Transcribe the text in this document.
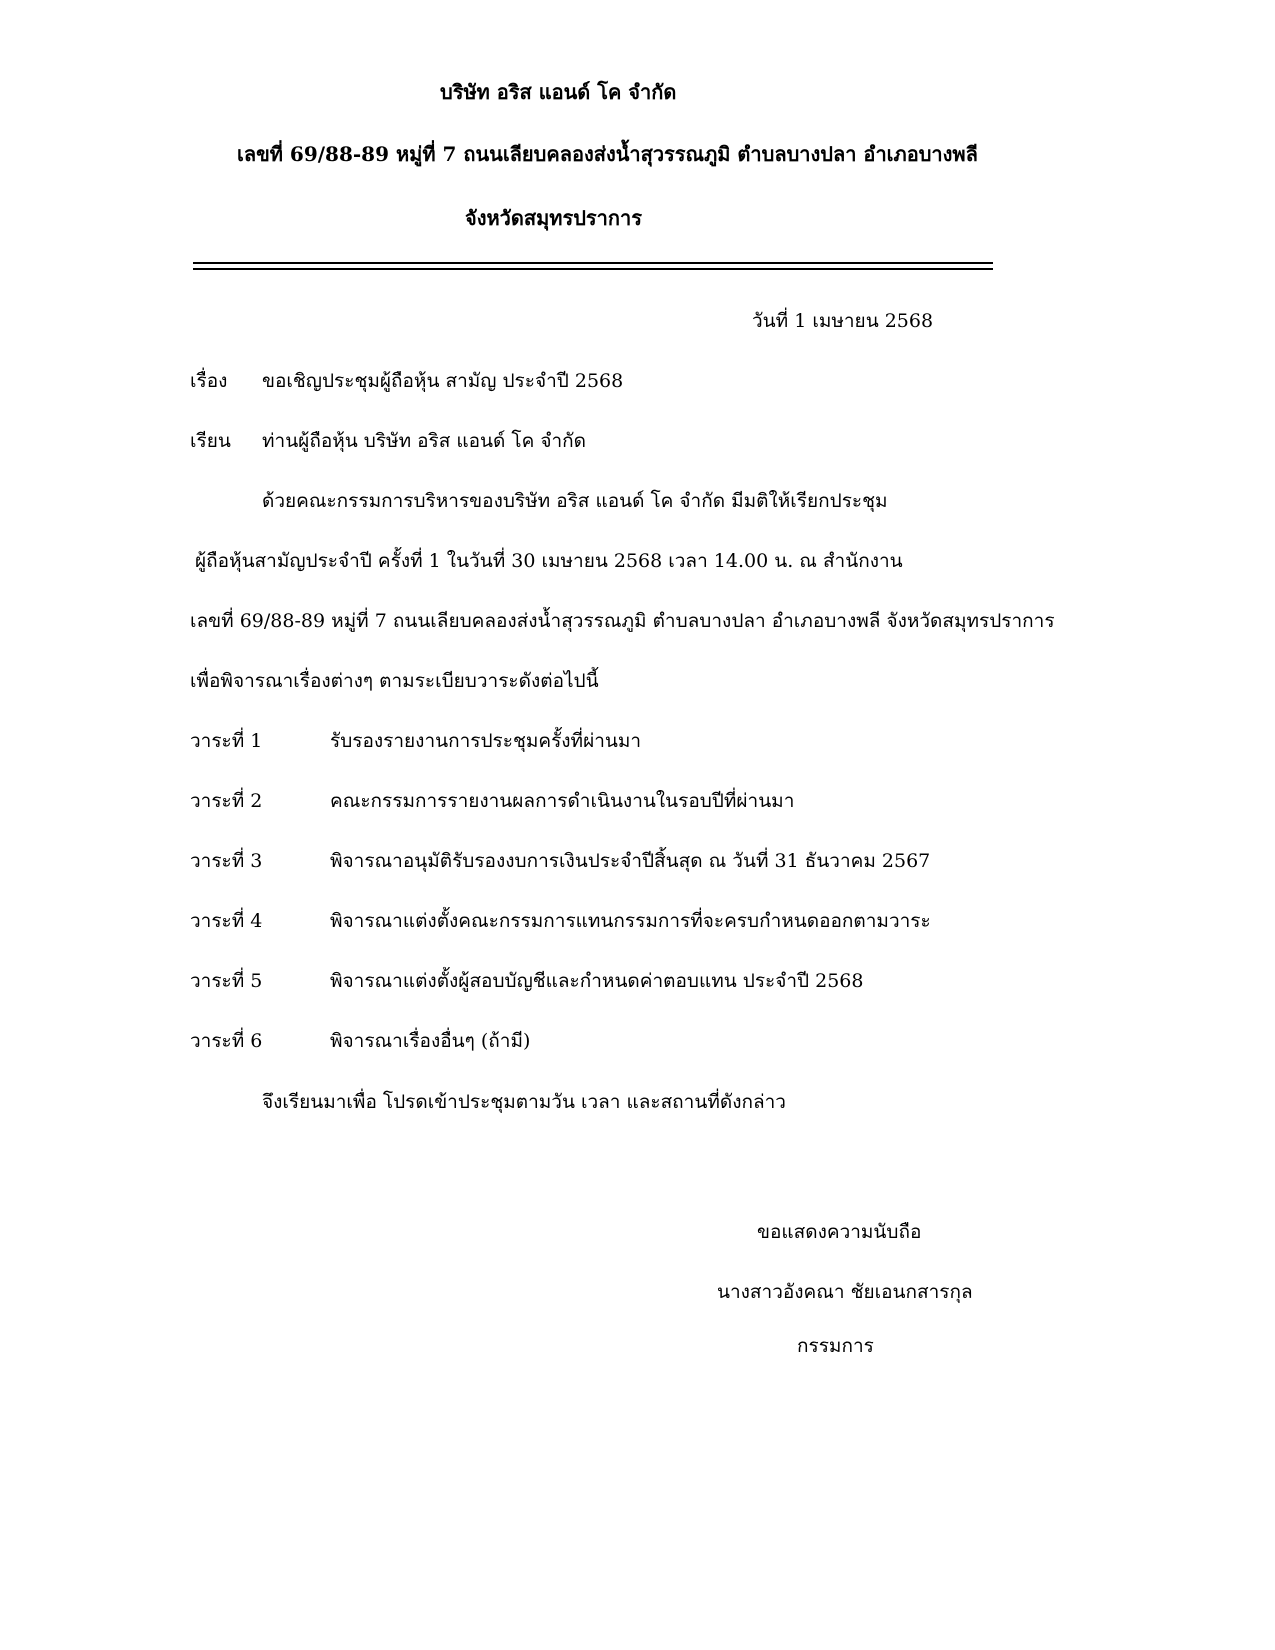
บริษัท อริส แอนด์ โค จำกัด
เลขที่ 69/88-89 หมู่ที่ 7 ถนนเลียบคลองส่งน้ำสุวรรณภูมิ ตำบลบางปลา อำเภอบางพลี
จังหวัดสมุทรปราการ
วันที่ 1 เมษายน 2568
เรื่อง ขอเชิญประชุมผู้ถือหุ้น สามัญ ประจำปี 2568
เรียน ท่านผู้ถือหุ้น บริษัท อริส แอนด์ โค จำกัด
ด้วยคณะกรรมการบริหารของบริษัท อริส แอนด์ โค จำกัด มีมติให้เรียกประชุม
ผู้ถือหุ้นสามัญประจำปี ครั้งที่ 1 ในวันที่ 30 เมษายน 2568 เวลา 14.00 น. ณ สำนักงาน
เลขที่ 69/88-89 หมู่ที่ 7 ถนนเลียบคลองส่งน้ำสุวรรณภูมิ ตำบลบางปลา อำเภอบางพลี จังหวัดสมุทรปราการ
เพื่อพิจารณาเรื่องต่างๆ ตามระเบียบวาระดังต่อไปนี้
วาระที่ 1	รับรองรายงานการประชุมครั้งที่ผ่านมา
วาระที่ 2	คณะกรรมการรายงานผลการดำเนินงานในรอบปีที่ผ่านมา
วาระที่ 3	พิจารณาอนุมัติรับรองงบการเงินประจำปีสิ้นสุด ณ วันที่ 31 ธันวาคม 2567
วาระที่ 4	พิจารณาแต่งตั้งคณะกรรมการแทนกรรมการที่จะครบกำหนดออกตามวาระ
วาระที่ 5	พิจารณาแต่งตั้งผู้สอบบัญชีและกำหนดค่าตอบแทน ประจำปี 2568
วาระที่ 6	พิจารณาเรื่องอื่นๆ (ถ้ามี)
จึงเรียนมาเพื่อ โปรดเข้าประชุมตามวัน เวลา และสถานที่ดังกล่าว
ขอแสดงความนับถือ
นางสาวอังคณา ชัยเอนกสารกุล
กรรมการ
